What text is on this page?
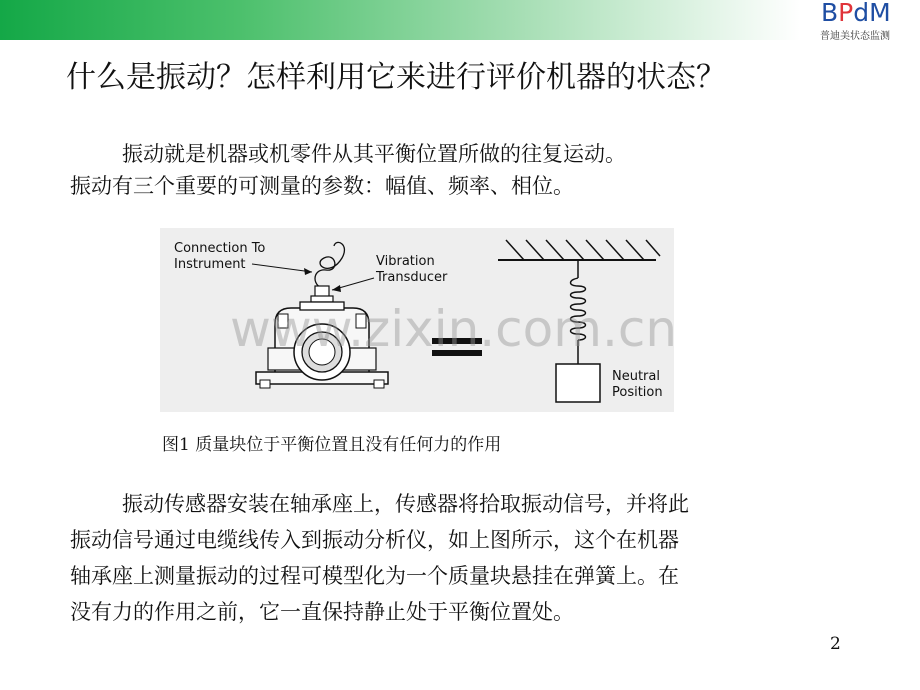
BPdM
普迪美状态监测
什么是振动？怎样利用它来进行评价机器的状态？
振动就是机器或机零件从其平衡位置所做的往复运动。
振动有三个重要的可测量的参数：幅值、频率、相位。
Connection To
Instrument	Vibration
Transducer
Neutral
Position
www.zixin.com.cn
图1 质量块位于平衡位置且没有任何力的作用
振动传感器安装在轴承座上，传感器将拾取振动信号，并将此
振动信号通过电缆线传入到振动分析仪，如上图所示，这个在机器
轴承座上测量振动的过程可模型化为一个质量块悬挂在弹簧上。在
没有力的作用之前，它一直保持静止处于平衡位置处。
2
